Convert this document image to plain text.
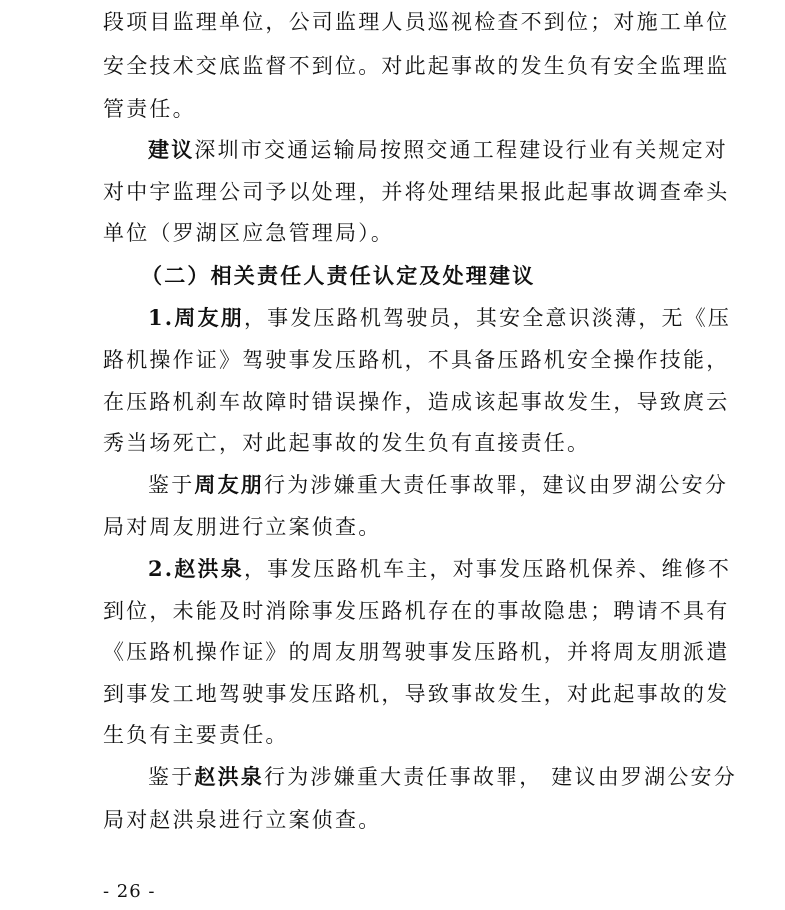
段项目监理单位，公司监理人员巡视检查不到位；对施工单位
安全技术交底监督不到位。对此起事故的发生负有安全监理监
管责任。
建议深圳市交通运输局按照交通工程建设行业有关规定对
对中宇监理公司予以处理，并将处理结果报此起事故调查牵头
单位（罗湖区应急管理局）。
（二）相关责任人责任认定及处理建议
1.周友朋，事发压路机驾驶员，其安全意识淡薄，无《压
路机操作证》驾驶事发压路机，不具备压路机安全操作技能，
在压路机刹车故障时错误操作，造成该起事故发生，导致庹云
秀当场死亡，对此起事故的发生负有直接责任。
鉴于周友朋行为涉嫌重大责任事故罪，建议由罗湖公安分
局对周友朋进行立案侦查。
2.赵洪泉，事发压路机车主，对事发压路机保养、维修不
到位，未能及时消除事发压路机存在的事故隐患；聘请不具有
《压路机操作证》的周友朋驾驶事发压路机，并将周友朋派遣
到事发工地驾驶事发压路机，导致事故发生，对此起事故的发
生负有主要责任。
鉴于赵洪泉行为涉嫌重大责任事故罪， 建议由罗湖公安分
局对赵洪泉进行立案侦查。
- 26 -
